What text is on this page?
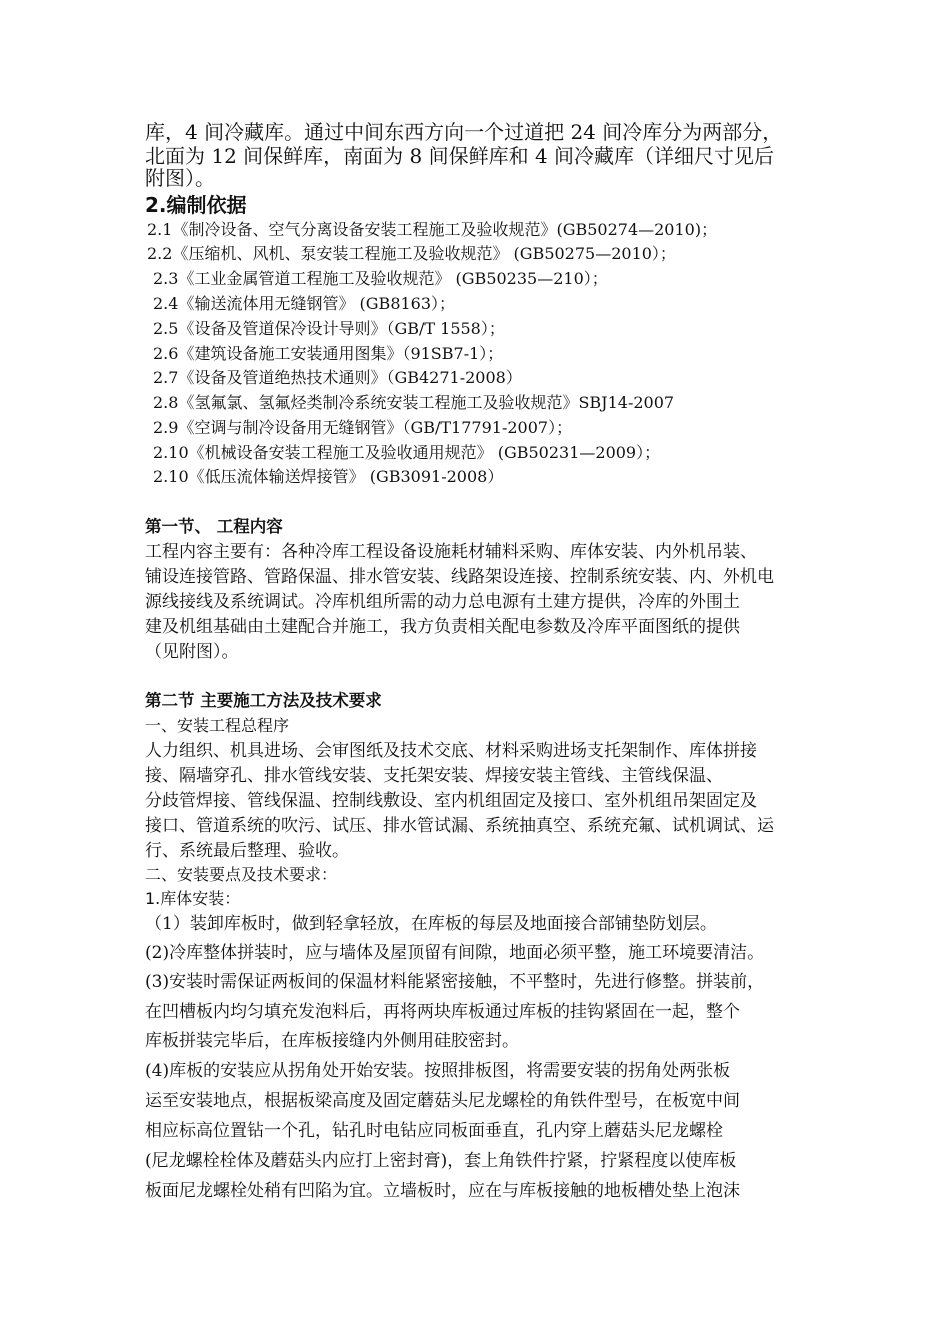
库，4 间冷藏库。通过中间东西方向一个过道把 24 间冷库分为两部分，
北面为 12 间保鲜库，南面为 8 间保鲜库和 4 间冷藏库（详细尺寸见后
附图）。
2.编制依据
2.1《制冷设备、空气分离设备安装工程施工及验收规范》(GB50274—2010)；
2.2《压缩机、风机、泵安装工程施工及验收规范》 (GB50275—2010）；
2.3《工业金属管道工程施工及验收规范》 (GB50235—210）；
2.4《输送流体用无缝钢管》 (GB8163）；
2.5《设备及管道保冷设计导则》（GB/T 1558）；
2.6《建筑设备施工安装通用图集》（91SB7-1）；
2.7《设备及管道绝热技术通则》（GB4271-2008）
2.8《氢氟氯、氢氟烃类制冷系统安装工程施工及验收规范》SBJ14-2007
2.9《空调与制冷设备用无缝钢管》（GB/T17791-2007）；
2.10《机械设备安装工程施工及验收通用规范》 (GB50231—2009）；
2.10《低压流体输送焊接管》 (GB3091-2008）
第一节、 工程内容
工程内容主要有：各种冷库工程设备设施耗材辅料采购、库体安装、内外机吊装、
铺设连接管路、管路保温、排水管安装、线路架设连接、控制系统安装、内、外机电
源线接线及系统调试。冷库机组所需的动力总电源有土建方提供，冷库的外围土
建及机组基础由土建配合并施工，我方负责相关配电参数及冷库平面图纸的提供
（见附图）。
第二节 主要施工方法及技术要求
一、安装工程总程序
人力组织、机具进场、会审图纸及技术交底、材料采购进场支托架制作、库体拼接
接、隔墙穿孔、排水管线安装、支托架安装、焊接安装主管线、主管线保温、
分歧管焊接、管线保温、控制线敷设、室内机组固定及接口、室外机组吊架固定及
接口、管道系统的吹污、试压、排水管试漏、系统抽真空、系统充氟、试机调试、运
行、系统最后整理、验收。
二、安装要点及技术要求：
1.库体安装：
（1）装卸库板时，做到轻拿轻放，在库板的每层及地面接合部铺垫防划层。
(2)冷库整体拼装时，应与墙体及屋顶留有间隙，地面必须平整，施工环境要清洁。
(3)安装时需保证两板间的保温材料能紧密接触，不平整时，先进行修整。拼装前，
在凹槽板内均匀填充发泡料后，再将两块库板通过库板的挂钩紧固在一起，整个
库板拼装完毕后，在库板接缝内外侧用硅胶密封。
(4)库板的安装应从拐角处开始安装。按照排板图，将需要安装的拐角处两张板
运至安装地点，根据板梁高度及固定蘑菇头尼龙螺栓的角铁件型号，在板宽中间
相应标高位置钻一个孔，钻孔时电钻应同板面垂直，孔内穿上蘑菇头尼龙螺栓
(尼龙螺栓栓体及蘑菇头内应打上密封膏)，套上角铁件拧紧，拧紧程度以使库板
板面尼龙螺栓处稍有凹陷为宜。立墙板时，应在与库板接触的地板槽处垫上泡沫
